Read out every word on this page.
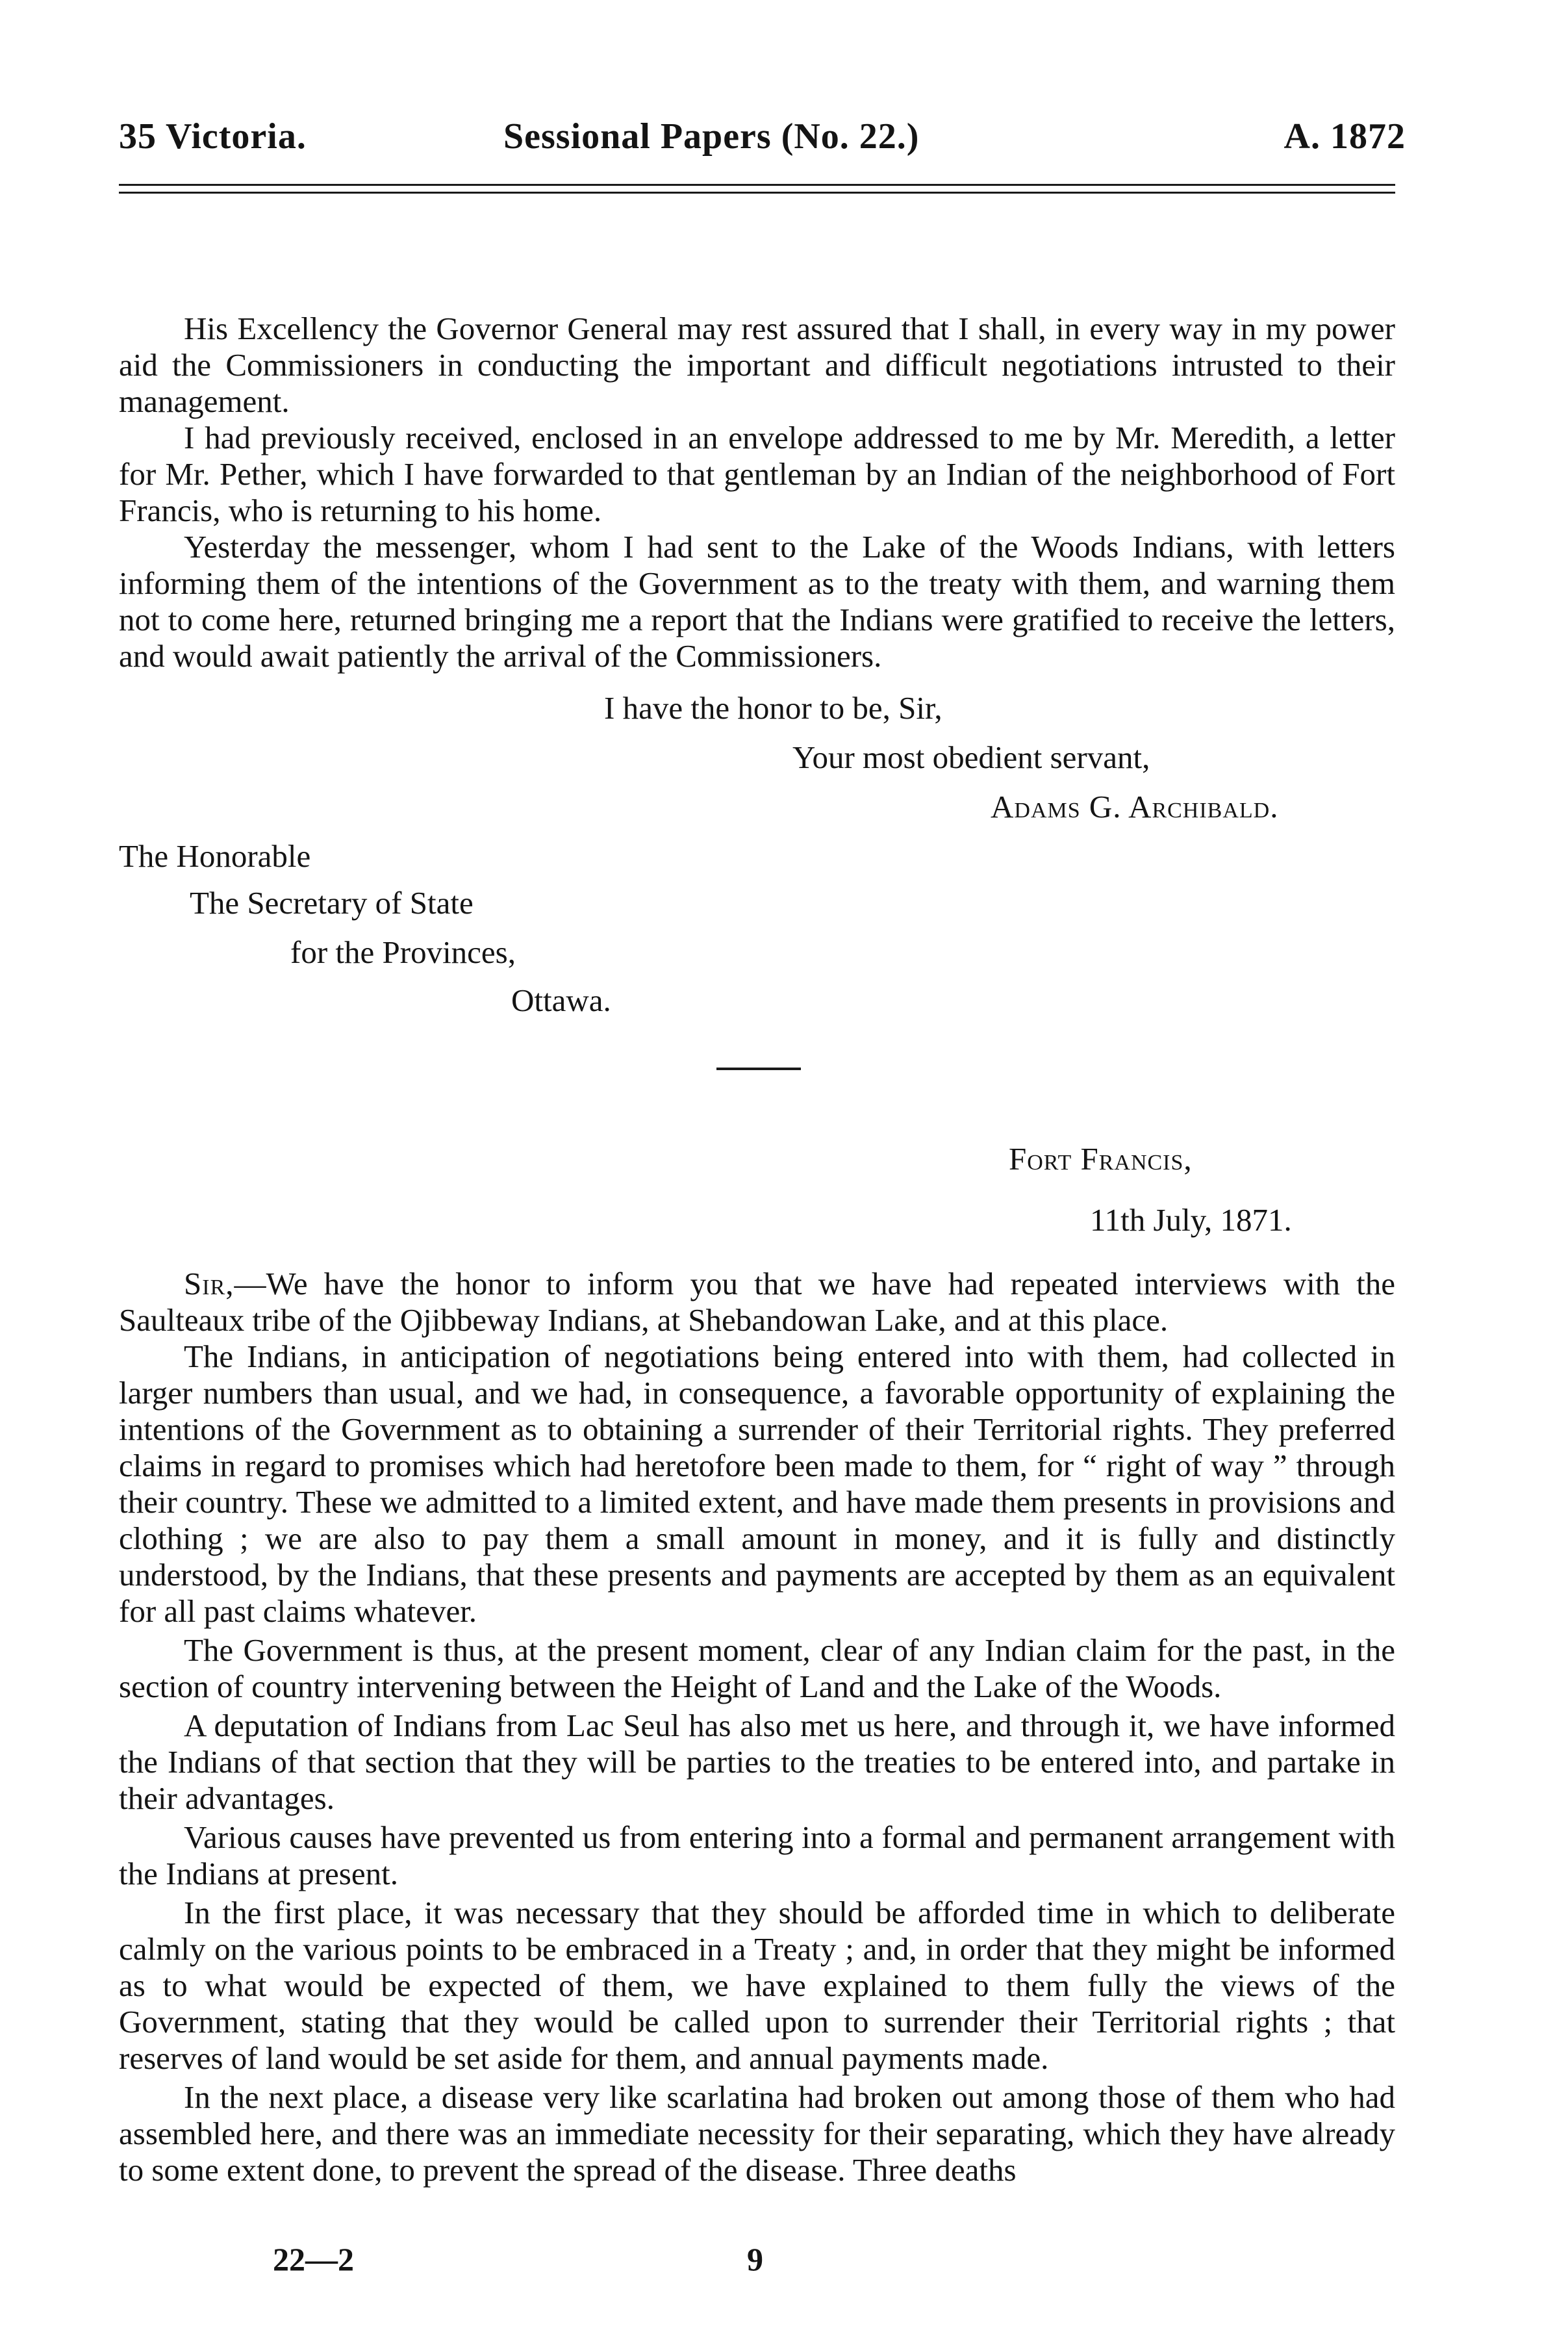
35 Victoria.	Sessional Papers (No. 22.)	A. 1872

His Excellency the Governor General may rest assured that I shall, in every way in my power aid the Commissioners in conducting the important and difficult negotiations intrusted to their management.

I had previously received, enclosed in an envelope addressed to me by Mr. Meredith, a letter for Mr. Pether, which I have forwarded to that gentleman by an Indian of the neighborhood of Fort Francis, who is returning to his home.

Yesterday the messenger, whom I had sent to the Lake of the Woods Indians, with letters informing them of the intentions of the Government as to the treaty with them, and warning them not to come here, returned bringing me a report that the Indians were gratified to receive the letters, and would await patiently the arrival of the Commissioners.

I have the honor to be, Sir,
Your most obedient servant,
Adams G. Archibald.
The Honorable
The Secretary of State
for the Provinces,
Ottawa.
Fort Francis,
11th July, 1871.

Sir,—We have the honor to inform you that we have had repeated interviews with the Saulteaux tribe of the Ojibbeway Indians, at Shebandowan Lake, and at this place.

The Indians, in anticipation of negotiations being entered into with them, had collected in larger numbers than usual, and we had, in consequence, a favorable opportunity of explaining the intentions of the Government as to obtaining a surrender of their Territorial rights. They preferred claims in regard to promises which had heretofore been made to them, for “ right of way ” through their country. These we admitted to a limited extent, and have made them presents in provisions and clothing ; we are also to pay them a small amount in money, and it is fully and distinctly understood, by the Indians, that these presents and payments are accepted by them as an equivalent for all past claims whatever.

The Government is thus, at the present moment, clear of any Indian claim for the past, in the section of country intervening between the Height of Land and the Lake of the Woods.

A deputation of Indians from Lac Seul has also met us here, and through it, we have informed the Indians of that section that they will be parties to the treaties to be entered into, and partake in their advantages.

Various causes have prevented us from entering into a formal and permanent arrangement with the Indians at present.

In the first place, it was necessary that they should be afforded time in which to deliberate calmly on the various points to be embraced in a Treaty ; and, in order that they might be informed as to what would be expected of them, we have explained to them fully the views of the Government, stating that they would be called upon to surrender their Territorial rights ; that reserves of land would be set aside for them, and annual payments made.

In the next place, a disease very like scarlatina had broken out among those of them who had assembled here, and there was an immediate necessity for their separating, which they have already to some extent done, to prevent the spread of the disease. Three deaths

22—2	9
